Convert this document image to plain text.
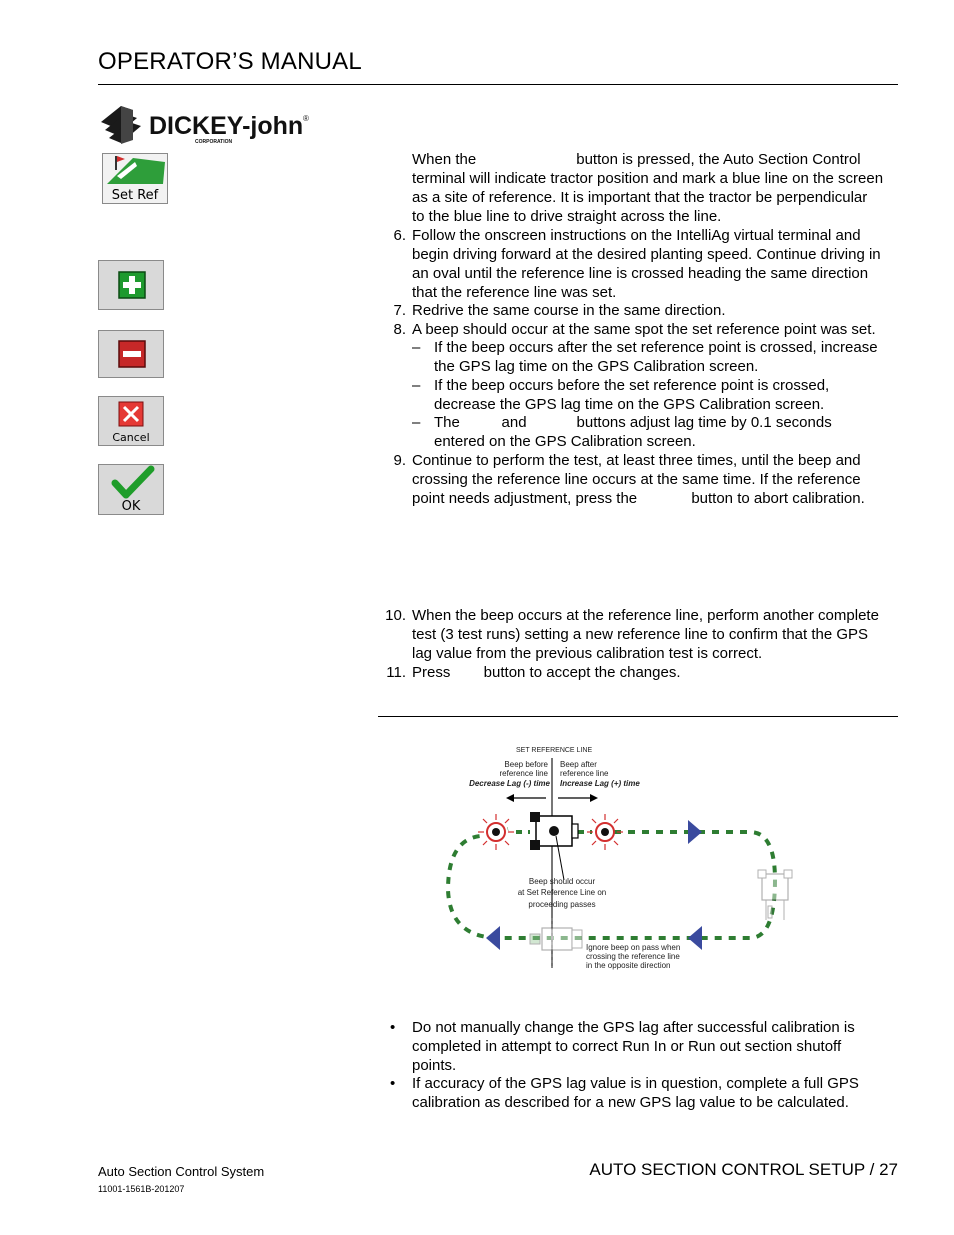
OPERATOR’S MANUAL
DICKEY-john ®
CORPORATION
Set Ref
Cancel
OK
When the                        button is pressed, the Auto Section Control
terminal will indicate tractor position and mark a blue line on the screen
as a site of reference. It is important that the tractor be perpendicular
to the blue line to drive straight across the line.
6. Follow the onscreen instructions on the IntelliAg virtual terminal and
begin driving forward at the desired planting speed. Continue driving in
an oval until the reference line is crossed heading the same direction
that the reference line was set.
7. Redrive the same course in the same direction.
8. A beep should occur at the same spot the set reference point was set.
– If the beep occurs after the set reference point is crossed, increase
the GPS lag time on the GPS Calibration screen.
– If the beep occurs before the set reference point is crossed,
decrease the GPS lag time on the GPS Calibration screen.
– The          and            buttons adjust lag time by 0.1 seconds
entered on the GPS Calibration screen.
9. Continue to perform the test, at least three times, until the beep and
crossing the reference line occurs at the same time. If the reference
point needs adjustment, press the             button to abort calibration.
10. When the beep occurs at the reference line, perform another complete
test (3 test runs) setting a new reference line to confirm that the GPS
lag value from the previous calibration test is correct.
11. Press        button to accept the changes.
SET REFERENCE LINE
Beep before
reference line
Decrease Lag (-) time
Beep after
reference line
Increase Lag (+) time
Beep should occur
at Set Reference Line on
proceeding passes
Ignore beep on pass when
crossing the reference line
in the opposite direction
• Do not manually change the GPS lag after successful calibration is
completed in attempt to correct Run In or Run out section shutoff
points.
• If accuracy of the GPS lag value is in question, complete a full GPS
calibration as described for a new GPS lag value to be calculated.
Auto Section Control System
11001-1561B-201207
AUTO SECTION CONTROL SETUP / 27
